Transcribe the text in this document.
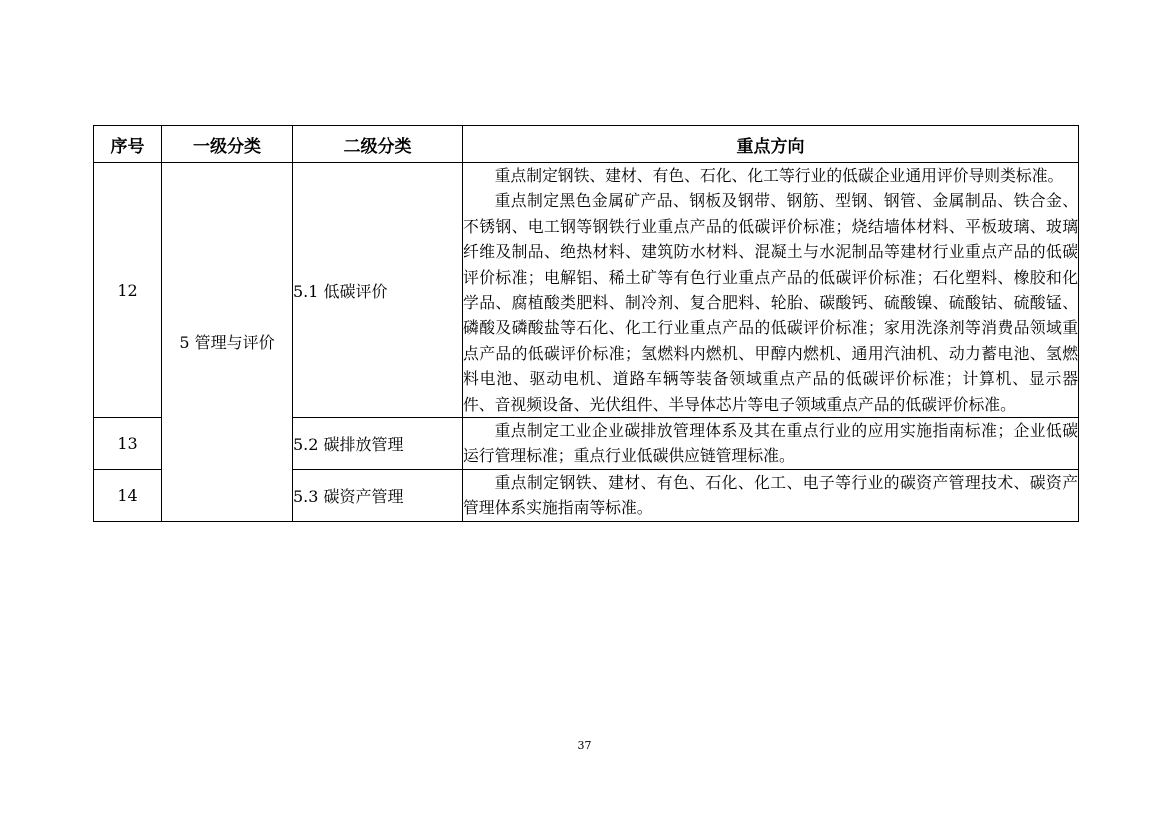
序号	一级分类	二级分类	重点方向
12	5 管理与评价	5.1 低碳评价	重点制定钢铁、建材、有色、石化、化工等行业的低碳企业通用评价导则类标准。

重点制定黑色金属矿产品、钢板及钢带、钢筋、型钢、钢管、金属制品、铁合金、不锈钢、电工钢等钢铁行业重点产品的低碳评价标准；烧结墙体材料、平板玻璃、玻璃纤维及制品、绝热材料、建筑防水材料、混凝土与水泥制品等建材行业重点产品的低碳评价标准；电解铝、稀土矿等有色行业重点产品的低碳评价标准；石化塑料、橡胶和化学品、腐植酸类肥料、制冷剂、复合肥料、轮胎、碳酸钙、硫酸镍、硫酸钴、硫酸锰、磷酸及磷酸盐等石化、化工行业重点产品的低碳评价标准；家用洗涤剂等消费品领域重点产品的低碳评价标准；氢燃料内燃机、甲醇内燃机、通用汽油机、动力蓄电池、氢燃料电池、驱动电机、道路车辆等装备领域重点产品的低碳评价标准；计算机、显示器件、音视频设备、光伏组件、半导体芯片等电子领域重点产品的低碳评价标准。

13		5.2 碳排放管理	重点制定工业企业碳排放管理体系及其在重点行业的应用实施指南标准；企业低碳运行管理标准；重点行业低碳供应链管理标准。

14		5.3 碳资产管理	重点制定钢铁、建材、有色、石化、化工、电子等行业的碳资产管理技术、碳资产管理体系实施指南等标准。

37
